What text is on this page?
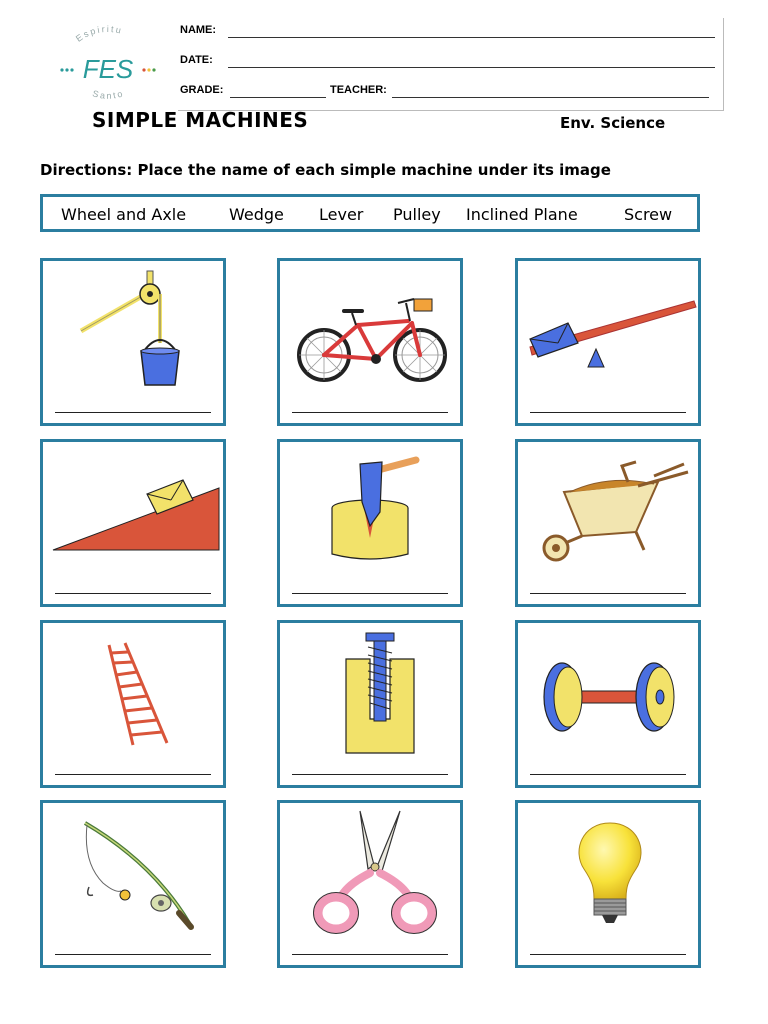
Espiritu
Santo
FES
NAME:
DATE:
GRADE:	TEACHER:
SIMPLE MACHINES	Env. Science
Directions: Place the name of each simple machine under its image
Wheel and Axle	Wedge Lever Pulley Inclined Plane	Screw
